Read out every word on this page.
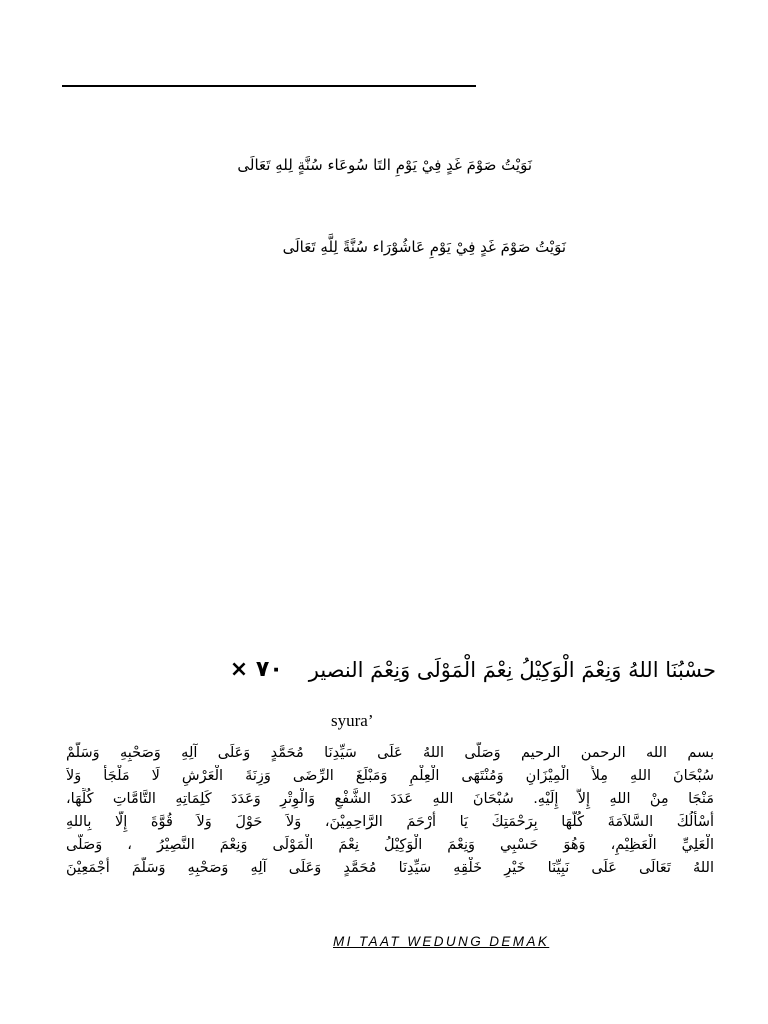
نَوَيْتُ صَوْمَ غَدٍ فِيْ يَوْمِ التَا سُوعَاء سُنَّةٍ لِلهِ تَعَالَى
نَوَيْتُ صَوْمَ غَدٍ فِيْ يَوْمِ عَاشُوْرَاء سُنَّةً لِلَّهِ تَعَالَى
× ٧٠ حسْبُنَا اللهُ وَنِعْمَ الْوَكِيْلُ نِعْمَ الْمَوْلَى وَنِعْمَ النصير
syura’
بسم الله الرحمن الرحيم وَصَلَّى اللهُ عَلَى سَيِّدِنَا مُحَمَّدٍ وَعَلَى آلِهِ وَصَحْبِهِ وَسَلَّمْ
سُبْحَانَ اللهِ مِلأَ الْمِيْزَانِ وَمُنْتَهَى الْعِلْمِ وَمَبْلَغَ الرِّضَى وَزِنَةَ الْعَرْشِ لَا مَلْجَأَ وَلاَ
مَنْجَا مِنْ اللهِ إِلاَّ إِلَيْهِ. سُبْحَانَ اللهِ عَدَدَ الشَّفْعِ وَالْوِتْرِ وَعَدَدَ كَلِمَاتِهِ التَّامَّاتِ كُلِّهَا،
أَسْأَلُكَ السَّلاَمَةَ كُلَّهَا بِرَحْمَتِكَ يَا أَرْحَمَ الرَّاحِمِيْنَ، وَلاَ حَوْلَ وَلاَ قُوَّةَ إِلَّا بِاللهِ
الْعَلِيِّ الْعَظِيْمِ، وَهُوَ حَسْبِي وَنِعْمَ الْوَكِيْلُ نِعْمَ الْمَوْلَى وَنِعْمَ النَّصِيْرُ ، وَصَلَّى
اللهُ تَعَالَى عَلَى نَبِيِّنَا خَيْرِ خَلْقِهِ سَيِّدِنَا مُحَمَّدٍ وَعَلَى آلِهِ وَصَحْبِهِ وَسَلَّمَ أَجْمَعِيْنَ
MI TAAT WEDUNG DEMAK
